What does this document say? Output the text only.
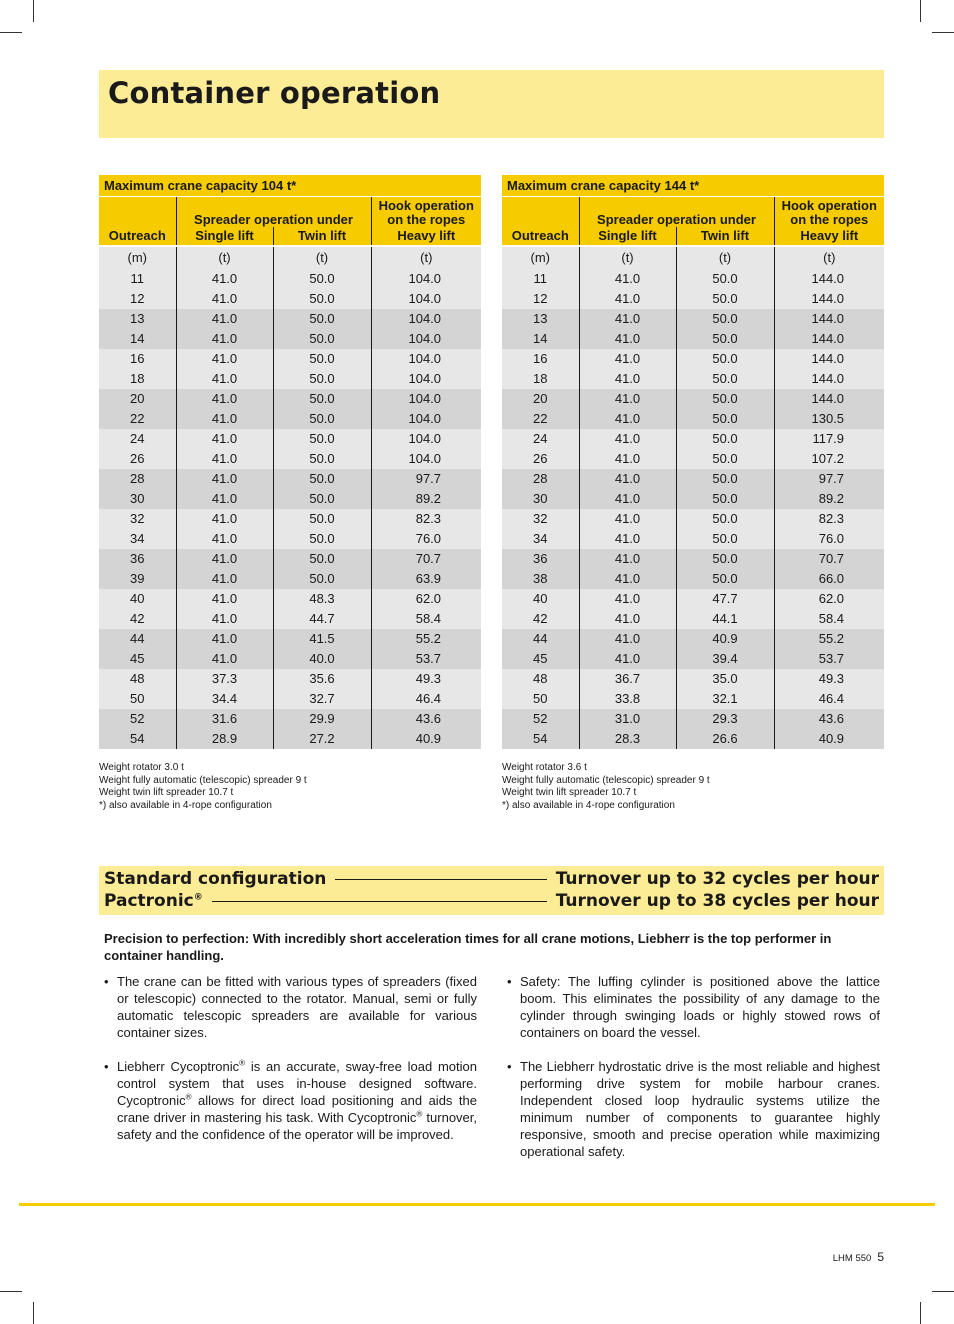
Container operation
Maximum crane capacity 104 t*			
	Spreader operation under		Hook operation on the ropes
Outreach	Single lift	Twin lift	Heavy lift
(m)	(t)	(t)	(t)
11	41.0	50.0	104.0
12	41.0	50.0	104.0
13	41.0	50.0	104.0
14	41.0	50.0	104.0
16	41.0	50.0	104.0
18	41.0	50.0	104.0
20	41.0	50.0	104.0
22	41.0	50.0	104.0
24	41.0	50.0	104.0
26	41.0	50.0	104.0
28	41.0	50.0	97.7
30	41.0	50.0	89.2
32	41.0	50.0	82.3
34	41.0	50.0	76.0
36	41.0	50.0	70.7
39	41.0	50.0	63.9
40	41.0	48.3	62.0
42	41.0	44.7	58.4
44	41.0	41.5	55.2
45	41.0	40.0	53.7
48	37.3	35.6	49.3
50	34.4	32.7	46.4
52	31.6	29.9	43.6
54	28.9	27.2	40.9
Weight rotator 3.0 t
Weight fully automatic (telescopic) spreader 9 t
Weight twin lift spreader 10.7 t
*) also available in 4-rope configuration
Maximum crane capacity 144 t*			
	Spreader operation under		Hook operation on the ropes
Outreach	Single lift	Twin lift	Heavy lift
(m)	(t)	(t)	(t)
11	41.0	50.0	144.0
12	41.0	50.0	144.0
13	41.0	50.0	144.0
14	41.0	50.0	144.0
16	41.0	50.0	144.0
18	41.0	50.0	144.0
20	41.0	50.0	144.0
22	41.0	50.0	130.5
24	41.0	50.0	117.9
26	41.0	50.0	107.2
28	41.0	50.0	97.7
30	41.0	50.0	89.2
32	41.0	50.0	82.3
34	41.0	50.0	76.0
36	41.0	50.0	70.7
38	41.0	50.0	66.0
40	41.0	47.7	62.0
42	41.0	44.1	58.4
44	41.0	40.9	55.2
45	41.0	39.4	53.7
48	36.7	35.0	49.3
50	33.8	32.1	46.4
52	31.0	29.3	43.6
54	28.3	26.6	40.9
Weight rotator 3.6 t
Weight fully automatic (telescopic) spreader 9 t
Weight twin lift spreader 10.7 t
*) also available in 4-rope configuration
Standard configuration	Turnover up to 32 cycles per hour
Pactronic®	Turnover up to 38 cycles per hour
Precision to perfection: With incredibly short acceleration times for all crane motions, Liebherr is the top performer in container handling.
• The crane can be fitted with various types of spreaders (fixed or telescopic) connected to the rotator. Manual, semi or fully automatic telescopic spreaders are available for various container sizes.
• Liebherr Cycoptronic® is an accurate, sway-free load motion control system that uses in-house designed software. Cycoptronic® allows for direct load positioning and aids the crane driver in mastering his task. With Cycoptronic® turnover, safety and the confidence of the operator will be improved.
• Safety: The luffing cylinder is positioned above the lattice boom. This eliminates the possibility of any damage to the cylinder through swinging loads or highly stowed rows of containers on board the vessel.
• The Liebherr hydrostatic drive is the most reliable and highest performing drive system for mobile harbour cranes. Independent closed loop hydraulic systems utilize the minimum number of components to guarantee highly responsive, smooth and precise operation while maximizing operational safety.
LHM 550 5
